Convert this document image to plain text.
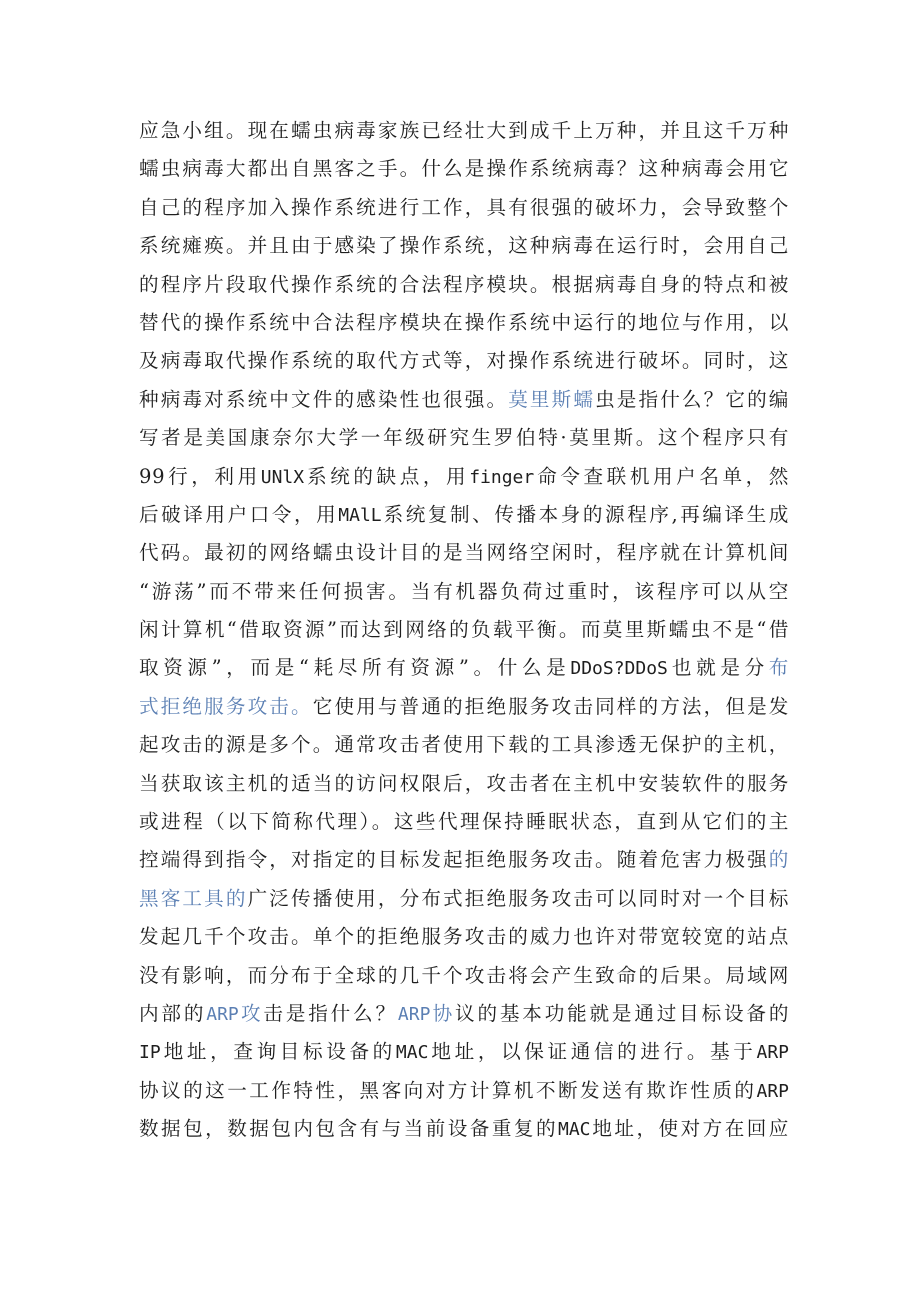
应急小组。现在蠕虫病毒家族已经壮大到成千上万种，并且这千万种
蠕虫病毒大都出自黑客之手。什么是操作系统病毒？这种病毒会用它
自己的程序加入操作系统进行工作，具有很强的破坏力，会导致整个
系统瘫痪。并且由于感染了操作系统，这种病毒在运行时，会用自己
的程序片段取代操作系统的合法程序模块。根据病毒自身的特点和被
替代的操作系统中合法程序模块在操作系统中运行的地位与作用，以
及病毒取代操作系统的取代方式等，对操作系统进行破坏。同时，这
种病毒对系统中文件的感染性也很强。莫里斯蠕虫是指什么？它的编
写者是美国康奈尔大学一年级研究生罗伯特·莫里斯。这个程序只有
99行，利用UNlX系统的缺点，用finger命令查联机用户名单，然
后破译用户口令，用MAlL系统复制、传播本身的源程序,再编译生成
代码。最初的网络蠕虫设计目的是当网络空闲时，程序就在计算机间
“游荡”而不带来任何损害。当有机器负荷过重时，该程序可以从空
闲计算机“借取资源”而达到网络的负载平衡。而莫里斯蠕虫不是“借
取资源”，而是“耗尽所有资源”。什么是DDoS?DDoS也就是分布
式拒绝服务攻击。它使用与普通的拒绝服务攻击同样的方法，但是发
起攻击的源是多个。通常攻击者使用下载的工具渗透无保护的主机，
当获取该主机的适当的访问权限后，攻击者在主机中安装软件的服务
或进程（以下简称代理）。这些代理保持睡眠状态，直到从它们的主
控端得到指令，对指定的目标发起拒绝服务攻击。随着危害力极强的
黑客工具的广泛传播使用，分布式拒绝服务攻击可以同时对一个目标
发起几千个攻击。单个的拒绝服务攻击的威力也许对带宽较宽的站点
没有影响，而分布于全球的几千个攻击将会产生致命的后果。局域网
内部的ARP攻击是指什么？ARP协议的基本功能就是通过目标设备的
IP地址，查询目标设备的MAC地址，以保证通信的进行。基于ARP
协议的这一工作特性，黑客向对方计算机不断发送有欺诈性质的ARP
数据包，数据包内包含有与当前设备重复的MAC地址，使对方在回应
